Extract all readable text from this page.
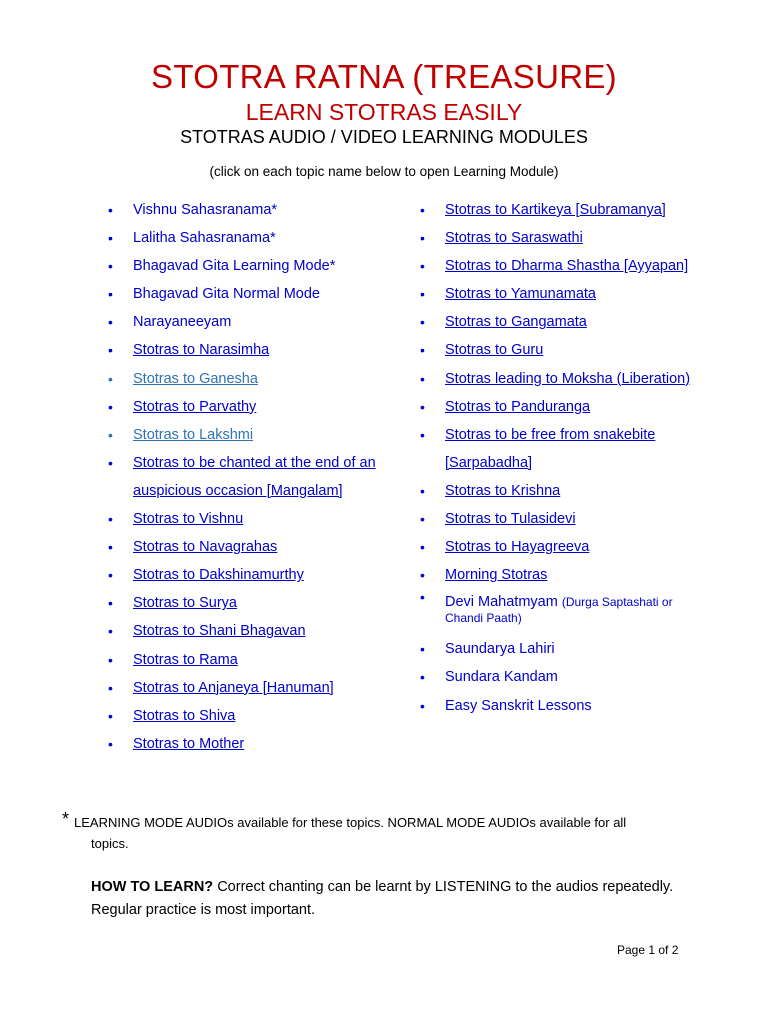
STOTRA RATNA (TREASURE)
LEARN STOTRAS EASILY
STOTRAS AUDIO / VIDEO LEARNING MODULES
(click on each topic name below to open Learning Module)
• Vishnu Sahasranama*
• Lalitha Sahasranama*
• Bhagavad Gita Learning Mode*
• Bhagavad Gita Normal Mode
• Narayaneeyam
• Stotras to Narasimha
• Stotras to Ganesha
• Stotras to Parvathy
• Stotras to Lakshmi
• Stotras to be chanted at the end of an auspicious occasion [Mangalam]
• Stotras to Vishnu
• Stotras to Navagrahas
• Stotras to Dakshinamurthy
• Stotras to Surya
• Stotras to Shani Bhagavan
• Stotras to Rama
• Stotras to Anjaneya [Hanuman]
• Stotras to Shiva
• Stotras to Mother
• Stotras to Kartikeya [Subramanya]
• Stotras to Saraswathi
• Stotras to Dharma Shastha [Ayyapan]
• Stotras to Yamunamata
• Stotras to Gangamata
• Stotras to Guru
• Stotras leading to Moksha (Liberation)
• Stotras to Panduranga
• Stotras to be free from snakebite [Sarpabadha]
• Stotras to Krishna
• Stotras to Tulasidevi
• Stotras to Hayagreeva
• Morning Stotras
• Devi Mahatmyam (Durga Saptashati or Chandi Paath)
• Saundarya Lahiri
• Sundara Kandam
• Easy Sanskrit Lessons
* LEARNING MODE AUDIOs available for these topics. NORMAL MODE AUDIOs available for all
topics.
HOW TO LEARN? Correct chanting can be learnt by LISTENING to the audios repeatedly. Regular practice is most important.
Page 1 of 2
